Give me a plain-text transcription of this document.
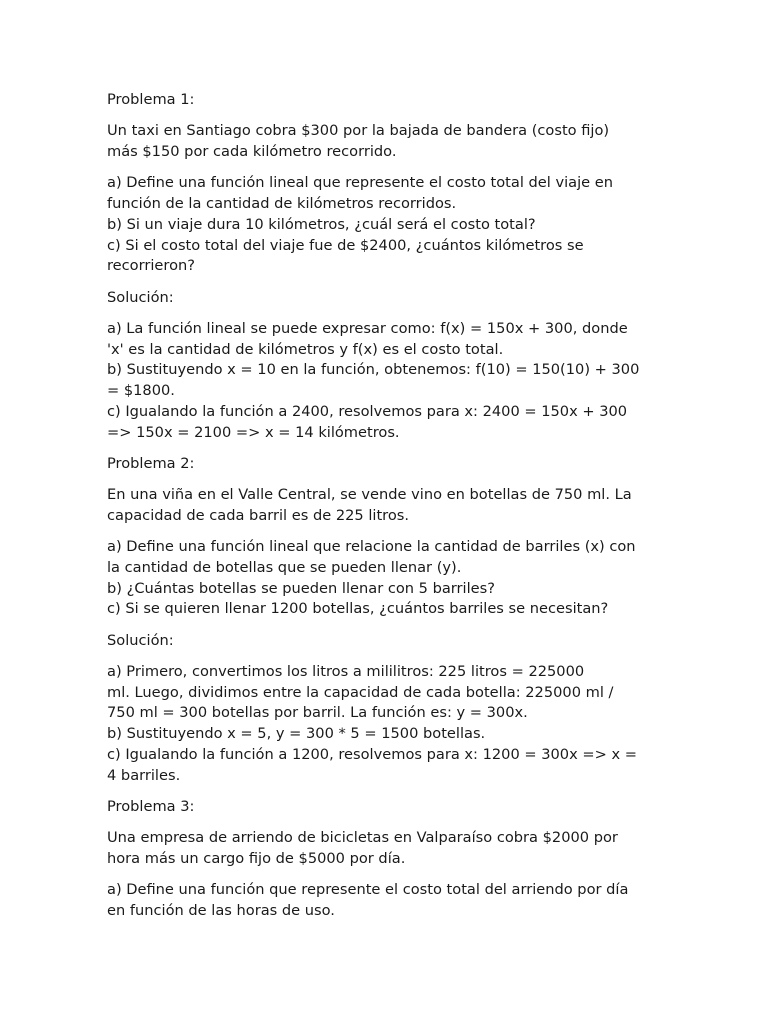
Problema 1:
Un taxi en Santiago cobra $300 por la bajada de bandera (costo fijo)
más $150 por cada kilómetro recorrido.
a) Define una función lineal que represente el costo total del viaje en
función de la cantidad de kilómetros recorridos.
b) Si un viaje dura 10 kilómetros, ¿cuál será el costo total?
c) Si el costo total del viaje fue de $2400, ¿cuántos kilómetros se
recorrieron?
Solución:
a) La función lineal se puede expresar como: f(x) = 150x + 300, donde
'x' es la cantidad de kilómetros y f(x) es el costo total.
b) Sustituyendo x = 10 en la función, obtenemos: f(10) = 150(10) + 300
= $1800.
c) Igualando la función a 2400, resolvemos para x: 2400 = 150x + 300
=> 150x = 2100 => x = 14 kilómetros.
Problema 2:
En una viña en el Valle Central, se vende vino en botellas de 750 ml. La
capacidad de cada barril es de 225 litros.
a) Define una función lineal que relacione la cantidad de barriles (x) con
la cantidad de botellas que se pueden llenar (y).
b) ¿Cuántas botellas se pueden llenar con 5 barriles?
c) Si se quieren llenar 1200 botellas, ¿cuántos barriles se necesitan?
Solución:
a) Primero, convertimos los litros a mililitros: 225 litros = 225000
ml. Luego, dividimos entre la capacidad de cada botella: 225000 ml /
750 ml = 300 botellas por barril. La función es: y = 300x.
b) Sustituyendo x = 5, y = 300 * 5 = 1500 botellas.
c) Igualando la función a 1200, resolvemos para x: 1200 = 300x => x =
4 barriles.
Problema 3:
Una empresa de arriendo de bicicletas en Valparaíso cobra $2000 por
hora más un cargo fijo de $5000 por día.
a) Define una función que represente el costo total del arriendo por día
en función de las horas de uso.
